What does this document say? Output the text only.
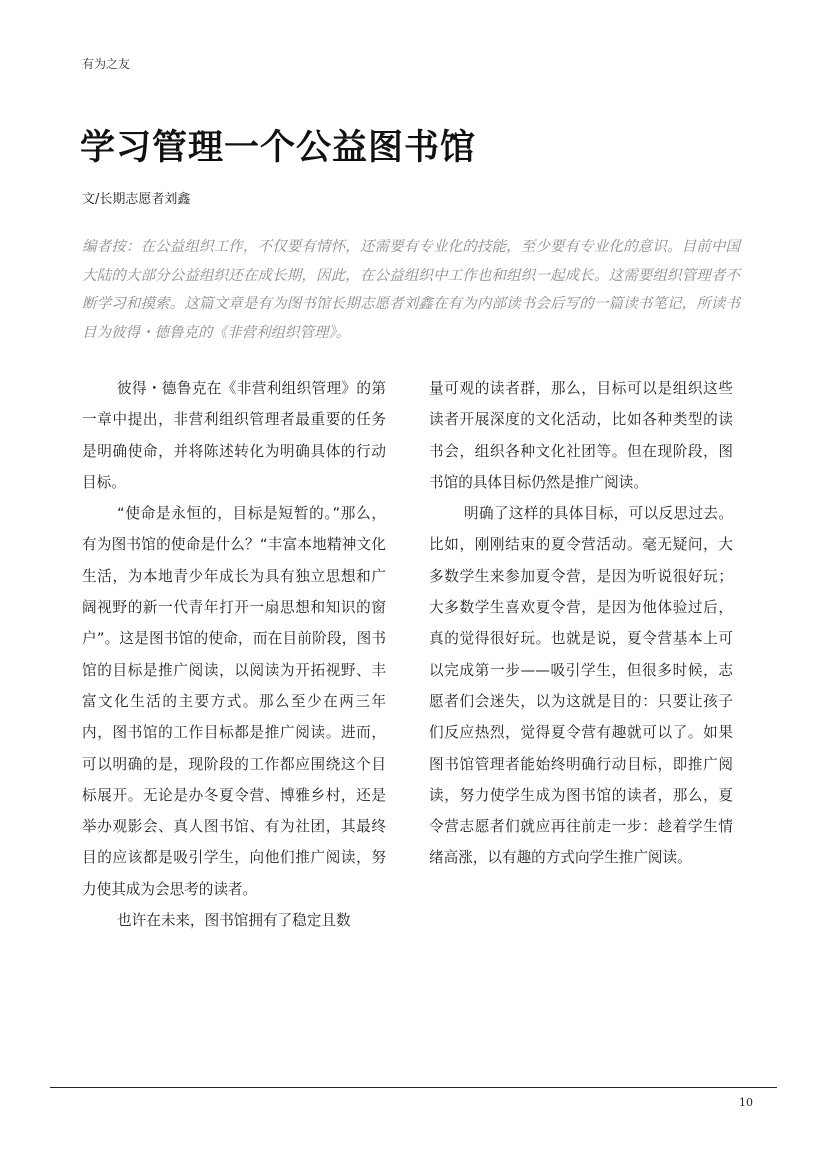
有为之友
学习管理一个公益图书馆
文/长期志愿者刘鑫

编者按：在公益组织工作，不仅要有情怀，还需要有专业化的技能，至少要有专业化的意识。目前中国大陆的大部分公益组织还在成长期，因此，在公益组织中工作也和组织一起成长。这需要组织管理者不断学习和摸索。这篇文章是有为图书馆长期志愿者刘鑫在有为内部读书会后写的一篇读书笔记，所读书目为彼得・德鲁克的《非营利组织管理》。

彼得・德鲁克在《非营利组织管理》的第一章中提出，非营利组织管理者最重要的任务是明确使命，并将陈述转化为明确具体的行动目标。

“使命是永恒的，目标是短暂的。”那么，有为图书馆的使命是什么？“丰富本地精神文化生活，为本地青少年成长为具有独立思想和广阔视野的新一代青年打开一扇思想和知识的窗户”。这是图书馆的使命，而在目前阶段，图书馆的目标是推广阅读，以阅读为开拓视野、丰富文化生活的主要方式。那么至少在两三年内，图书馆的工作目标都是推广阅读。进而，可以明确的是，现阶段的工作都应围绕这个目标展开。无论是办冬夏令营、博雅乡村，还是举办观影会、真人图书馆、有为社团，其最终目的应该都是吸引学生，向他们推广阅读，努力使其成为会思考的读者。

也许在未来，图书馆拥有了稳定且数

量可观的读者群，那么，目标可以是组织这些读者开展深度的文化活动，比如各种类型的读书会，组织各种文化社团等。但在现阶段，图书馆的具体目标仍然是推广阅读。

明确了这样的具体目标，可以反思过去。比如，刚刚结束的夏令营活动。毫无疑问，大多数学生来参加夏令营，是因为听说很好玩；大多数学生喜欢夏令营，是因为他体验过后，真的觉得很好玩。也就是说，夏令营基本上可以完成第一步——吸引学生，但很多时候，志愿者们会迷失，以为这就是目的：只要让孩子们反应热烈，觉得夏令营有趣就可以了。如果图书馆管理者能始终明确行动目标，即推广阅读，努力使学生成为图书馆的读者，那么，夏令营志愿者们就应再往前走一步：趁着学生情绪高涨，以有趣的方式向学生推广阅读。

10
